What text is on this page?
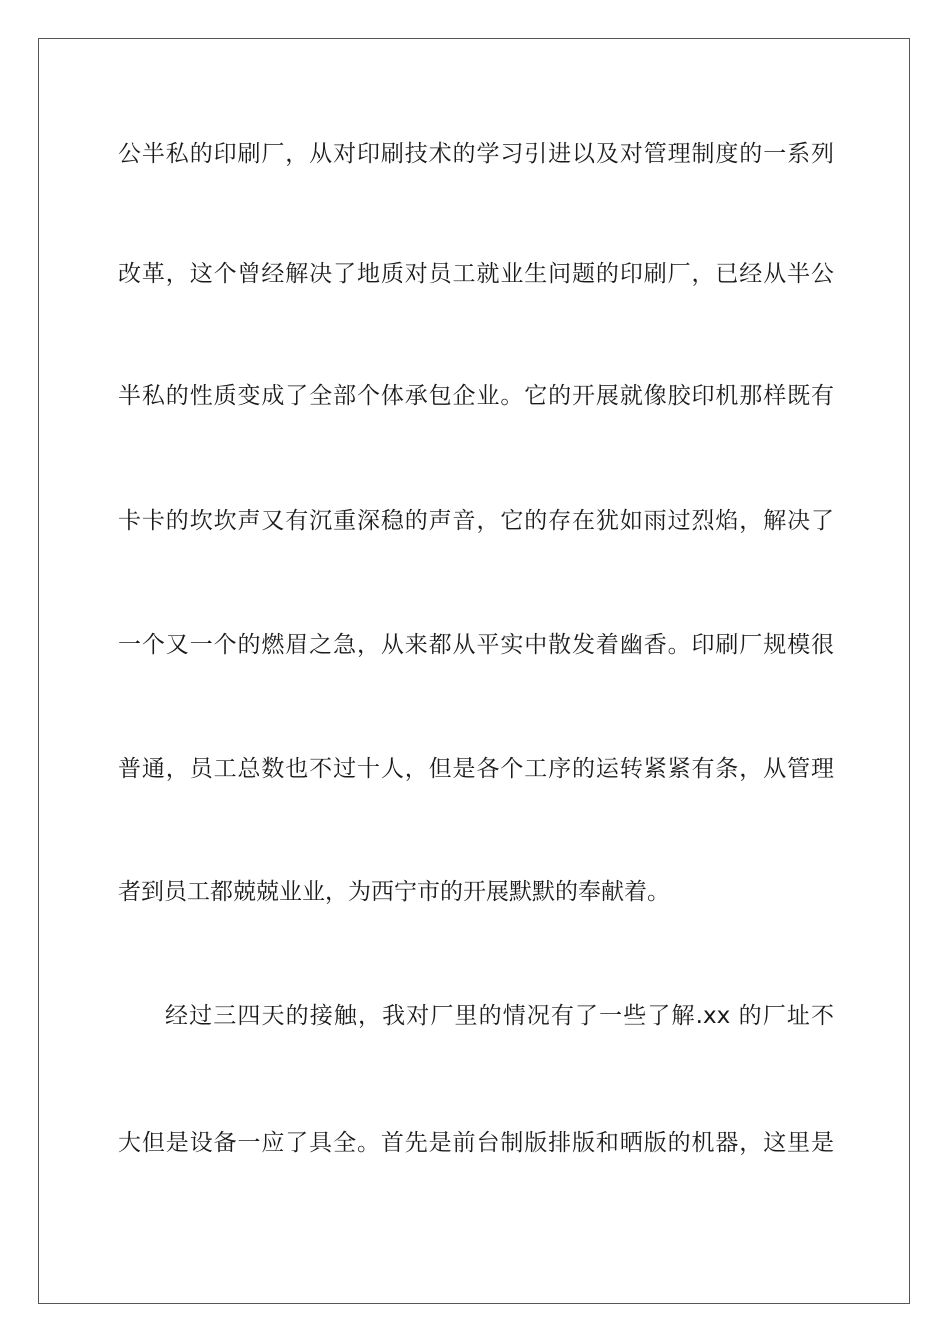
公半私的印刷厂，从对印刷技术的学习引进以及对管理制度的一系列
改革，这个曾经解决了地质对员工就业生问题的印刷厂，已经从半公
半私的性质变成了全部个体承包企业。它的开展就像胶印机那样既有
卡卡的坎坎声又有沉重深稳的声音，它的存在犹如雨过烈焰，解决了
一个又一个的燃眉之急，从来都从平实中散发着幽香。印刷厂规模很
普通，员工总数也不过十人，但是各个工序的运转紧紧有条，从管理
者到员工都兢兢业业，为西宁市的开展默默的奉献着。
经过三四天的接触，我对厂里的情况有了一些了解.xx 的厂址不
大但是设备一应了具全。首先是前台制版排版和晒版的机器，这里是
